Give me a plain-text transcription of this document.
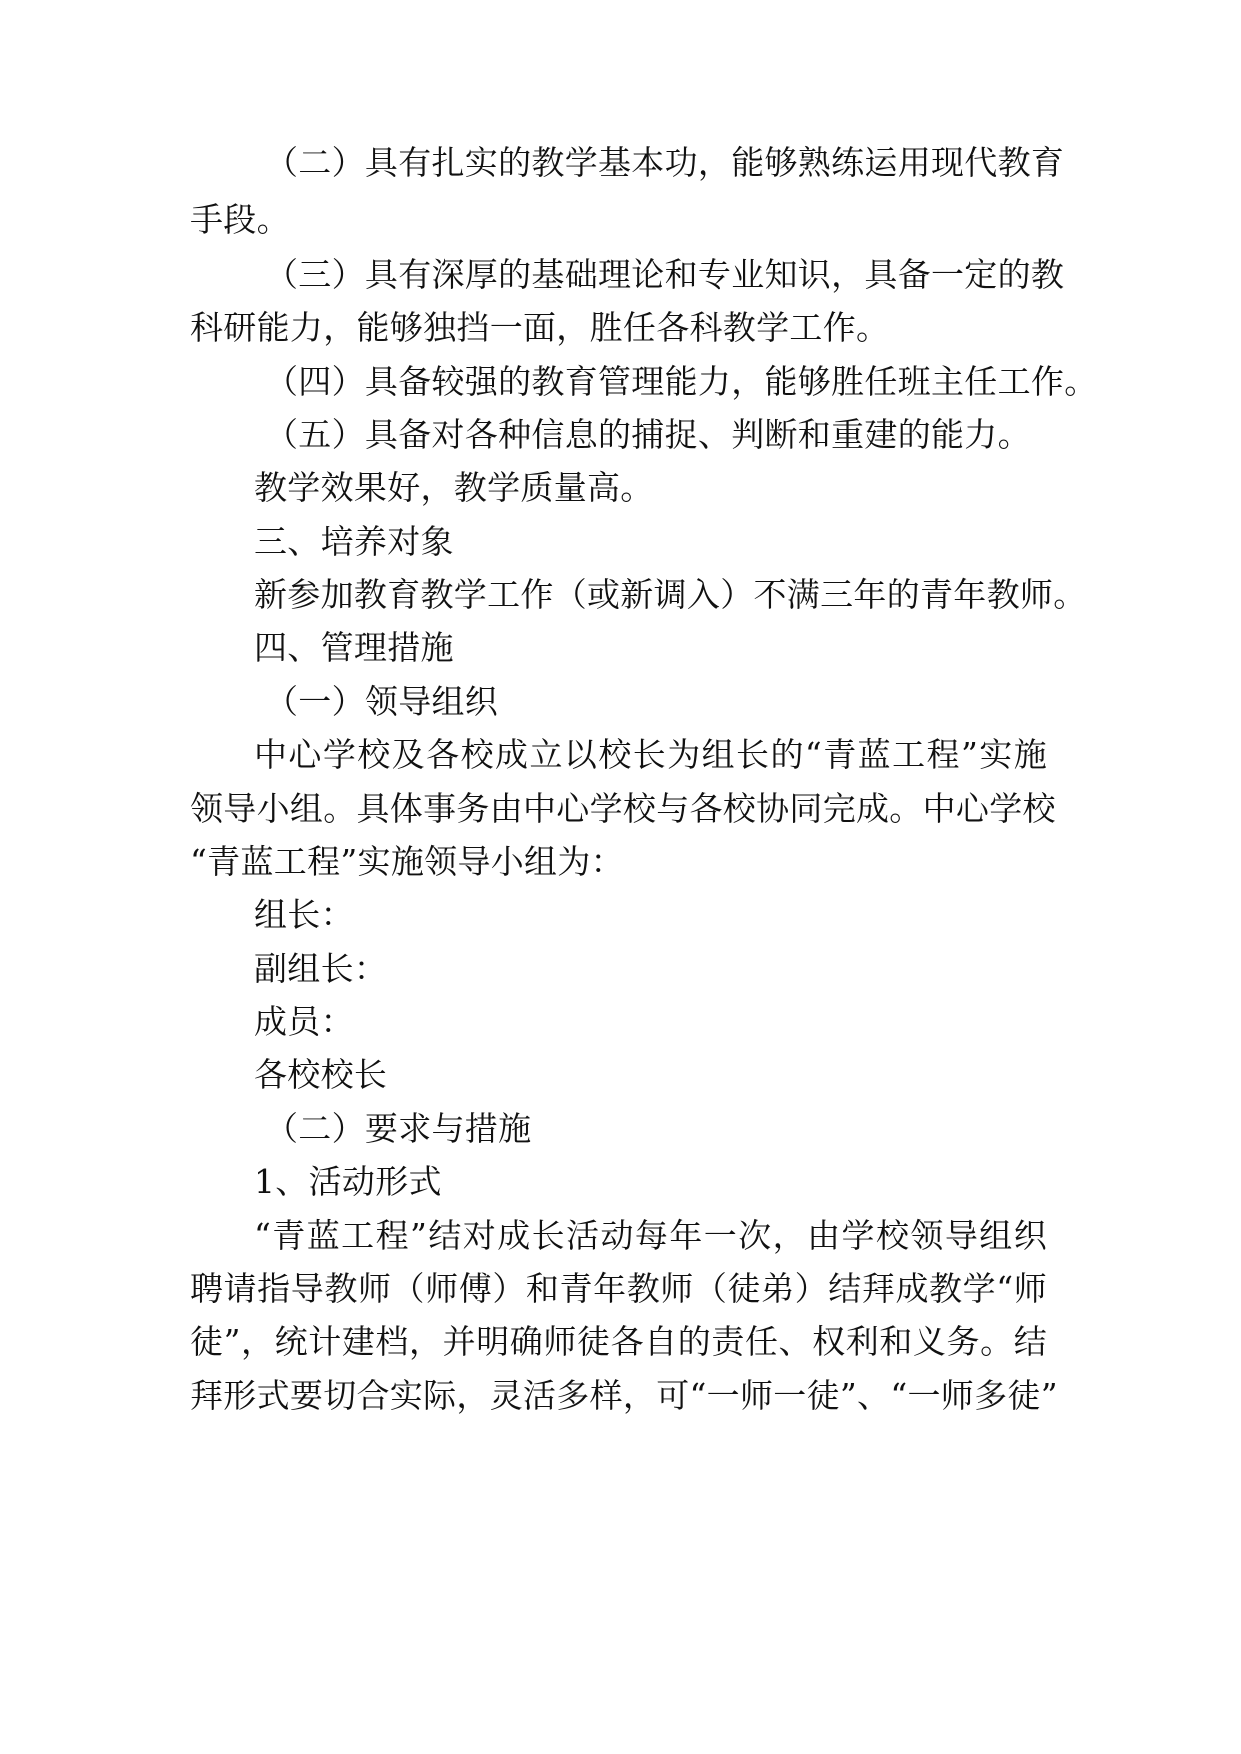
（二）具有扎实的教学基本功，能够熟练运用现代教育
手段。
（三）具有深厚的基础理论和专业知识，具备一定的教
科研能力，能够独挡一面，胜任各科教学工作。
（四）具备较强的教育管理能力，能够胜任班主任工作。
（五）具备对各种信息的捕捉、判断和重建的能力。
教学效果好，教学质量高。
三、培养对象
新参加教育教学工作（或新调入）不满三年的青年教师。
四、管理措施
（一）领导组织
中心学校及各校成立以校长为组长的“青蓝工程”实施
领导小组。具体事务由中心学校与各校协同完成。中心学校
“青蓝工程”实施领导小组为：
组长：
副组长：
成员：
各校校长
（二）要求与措施
1、活动形式
“青蓝工程”结对成长活动每年一次，由学校领导组织
聘请指导教师（师傅）和青年教师（徒弟）结拜成教学“师
徒”，统计建档，并明确师徒各自的责任、权利和义务。结
拜形式要切合实际，灵活多样，可“一师一徒”、“一师多徒”
